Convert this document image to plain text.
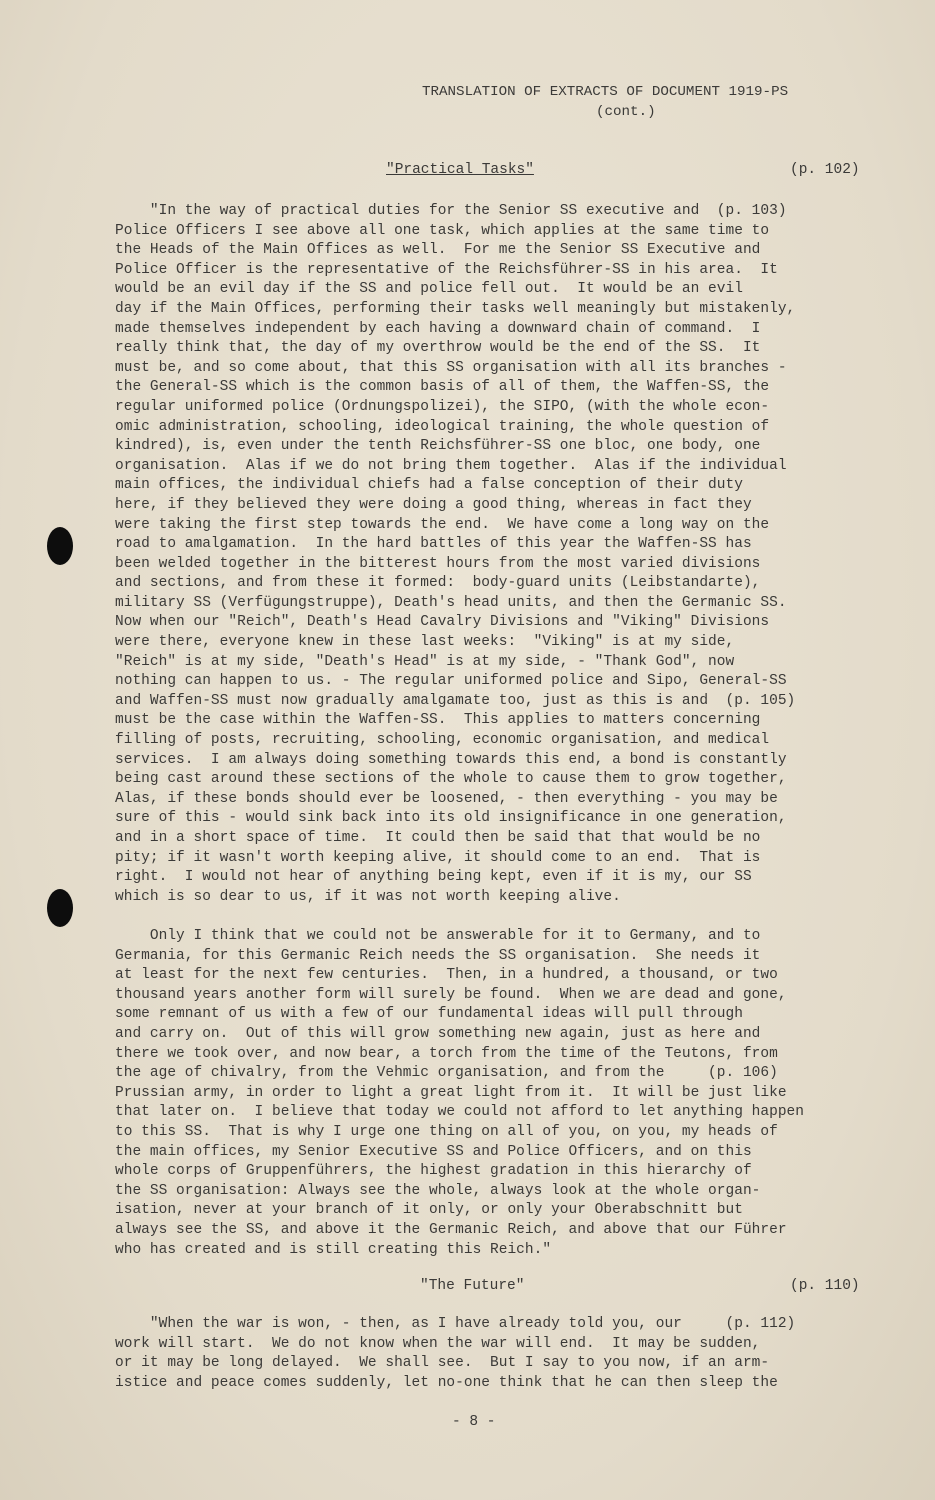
TRANSLATION OF EXTRACTS OF DOCUMENT 1919-PS
(cont.)
"Practical Tasks"	(p. 102)
"In the way of practical duties for the Senior SS executive and  (p. 103)
Police Officers I see above all one task, which applies at the same time to
the Heads of the Main Offices as well.  For me the Senior SS Executive and
Police Officer is the representative of the Reichsführer-SS in his area.  It
would be an evil day if the SS and police fell out.  It would be an evil
day if the Main Offices, performing their tasks well meaningly but mistakenly,
made themselves independent by each having a downward chain of command.  I
really think that, the day of my overthrow would be the end of the SS.  It
must be, and so come about, that this SS organisation with all its branches -
the General-SS which is the common basis of all of them, the Waffen-SS, the
regular uniformed police (Ordnungspolizei), the SIPO, (with the whole econ-
omic administration, schooling, ideological training, the whole question of
kindred), is, even under the tenth Reichsführer-SS one bloc, one body, one
organisation.  Alas if we do not bring them together.  Alas if the individual
main offices, the individual chiefs had a false conception of their duty
here, if they believed they were doing a good thing, whereas in fact they
were taking the first step towards the end.  We have come a long way on the
road to amalgamation.  In the hard battles of this year the Waffen-SS has
been welded together in the bitterest hours from the most varied divisions
and sections, and from these it formed:  body-guard units (Leibstandarte),
military SS (Verfügungstruppe), Death's head units, and then the Germanic SS.
Now when our "Reich", Death's Head Cavalry Divisions and "Viking" Divisions
were there, everyone knew in these last weeks:  "Viking" is at my side,
"Reich" is at my side, "Death's Head" is at my side, - "Thank God", now
nothing can happen to us. - The regular uniformed police and Sipo, General-SS
and Waffen-SS must now gradually amalgamate too, just as this is and  (p. 105)
must be the case within the Waffen-SS.  This applies to matters concerning
filling of posts, recruiting, schooling, economic organisation, and medical
services.  I am always doing something towards this end, a bond is constantly
being cast around these sections of the whole to cause them to grow together,
Alas, if these bonds should ever be loosened, - then everything - you may be
sure of this - would sink back into its old insignificance in one generation,
and in a short space of time.  It could then be said that that would be no
pity; if it wasn't worth keeping alive, it should come to an end.  That is
right.  I would not hear of anything being kept, even if it is my, our SS
which is so dear to us, if it was not worth keeping alive.
Only I think that we could not be answerable for it to Germany, and to
Germania, for this Germanic Reich needs the SS organisation.  She needs it
at least for the next few centuries.  Then, in a hundred, a thousand, or two
thousand years another form will surely be found.  When we are dead and gone,
some remnant of us with a few of our fundamental ideas will pull through
and carry on.  Out of this will grow something new again, just as here and
there we took over, and now bear, a torch from the time of the Teutons, from
the age of chivalry, from the Vehmic organisation, and from the     (p. 106)
Prussian army, in order to light a great light from it.  It will be just like
that later on.  I believe that today we could not afford to let anything happen
to this SS.  That is why I urge one thing on all of you, on you, my heads of
the main offices, my Senior Executive SS and Police Officers, and on this
whole corps of Gruppenführers, the highest gradation in this hierarchy of
the SS organisation: Always see the whole, always look at the whole organ-
isation, never at your branch of it only, or only your Oberabschnitt but
always see the SS, and above it the Germanic Reich, and above that our Führer
who has created and is still creating this Reich."
"The Future"	(p. 110)
"When the war is won, - then, as I have already told you, our     (p. 112)
work will start.  We do not know when the war will end.  It may be sudden,
or it may be long delayed.  We shall see.  But I say to you now, if an arm-
istice and peace comes suddenly, let no-one think that he can then sleep the
- 8 -
